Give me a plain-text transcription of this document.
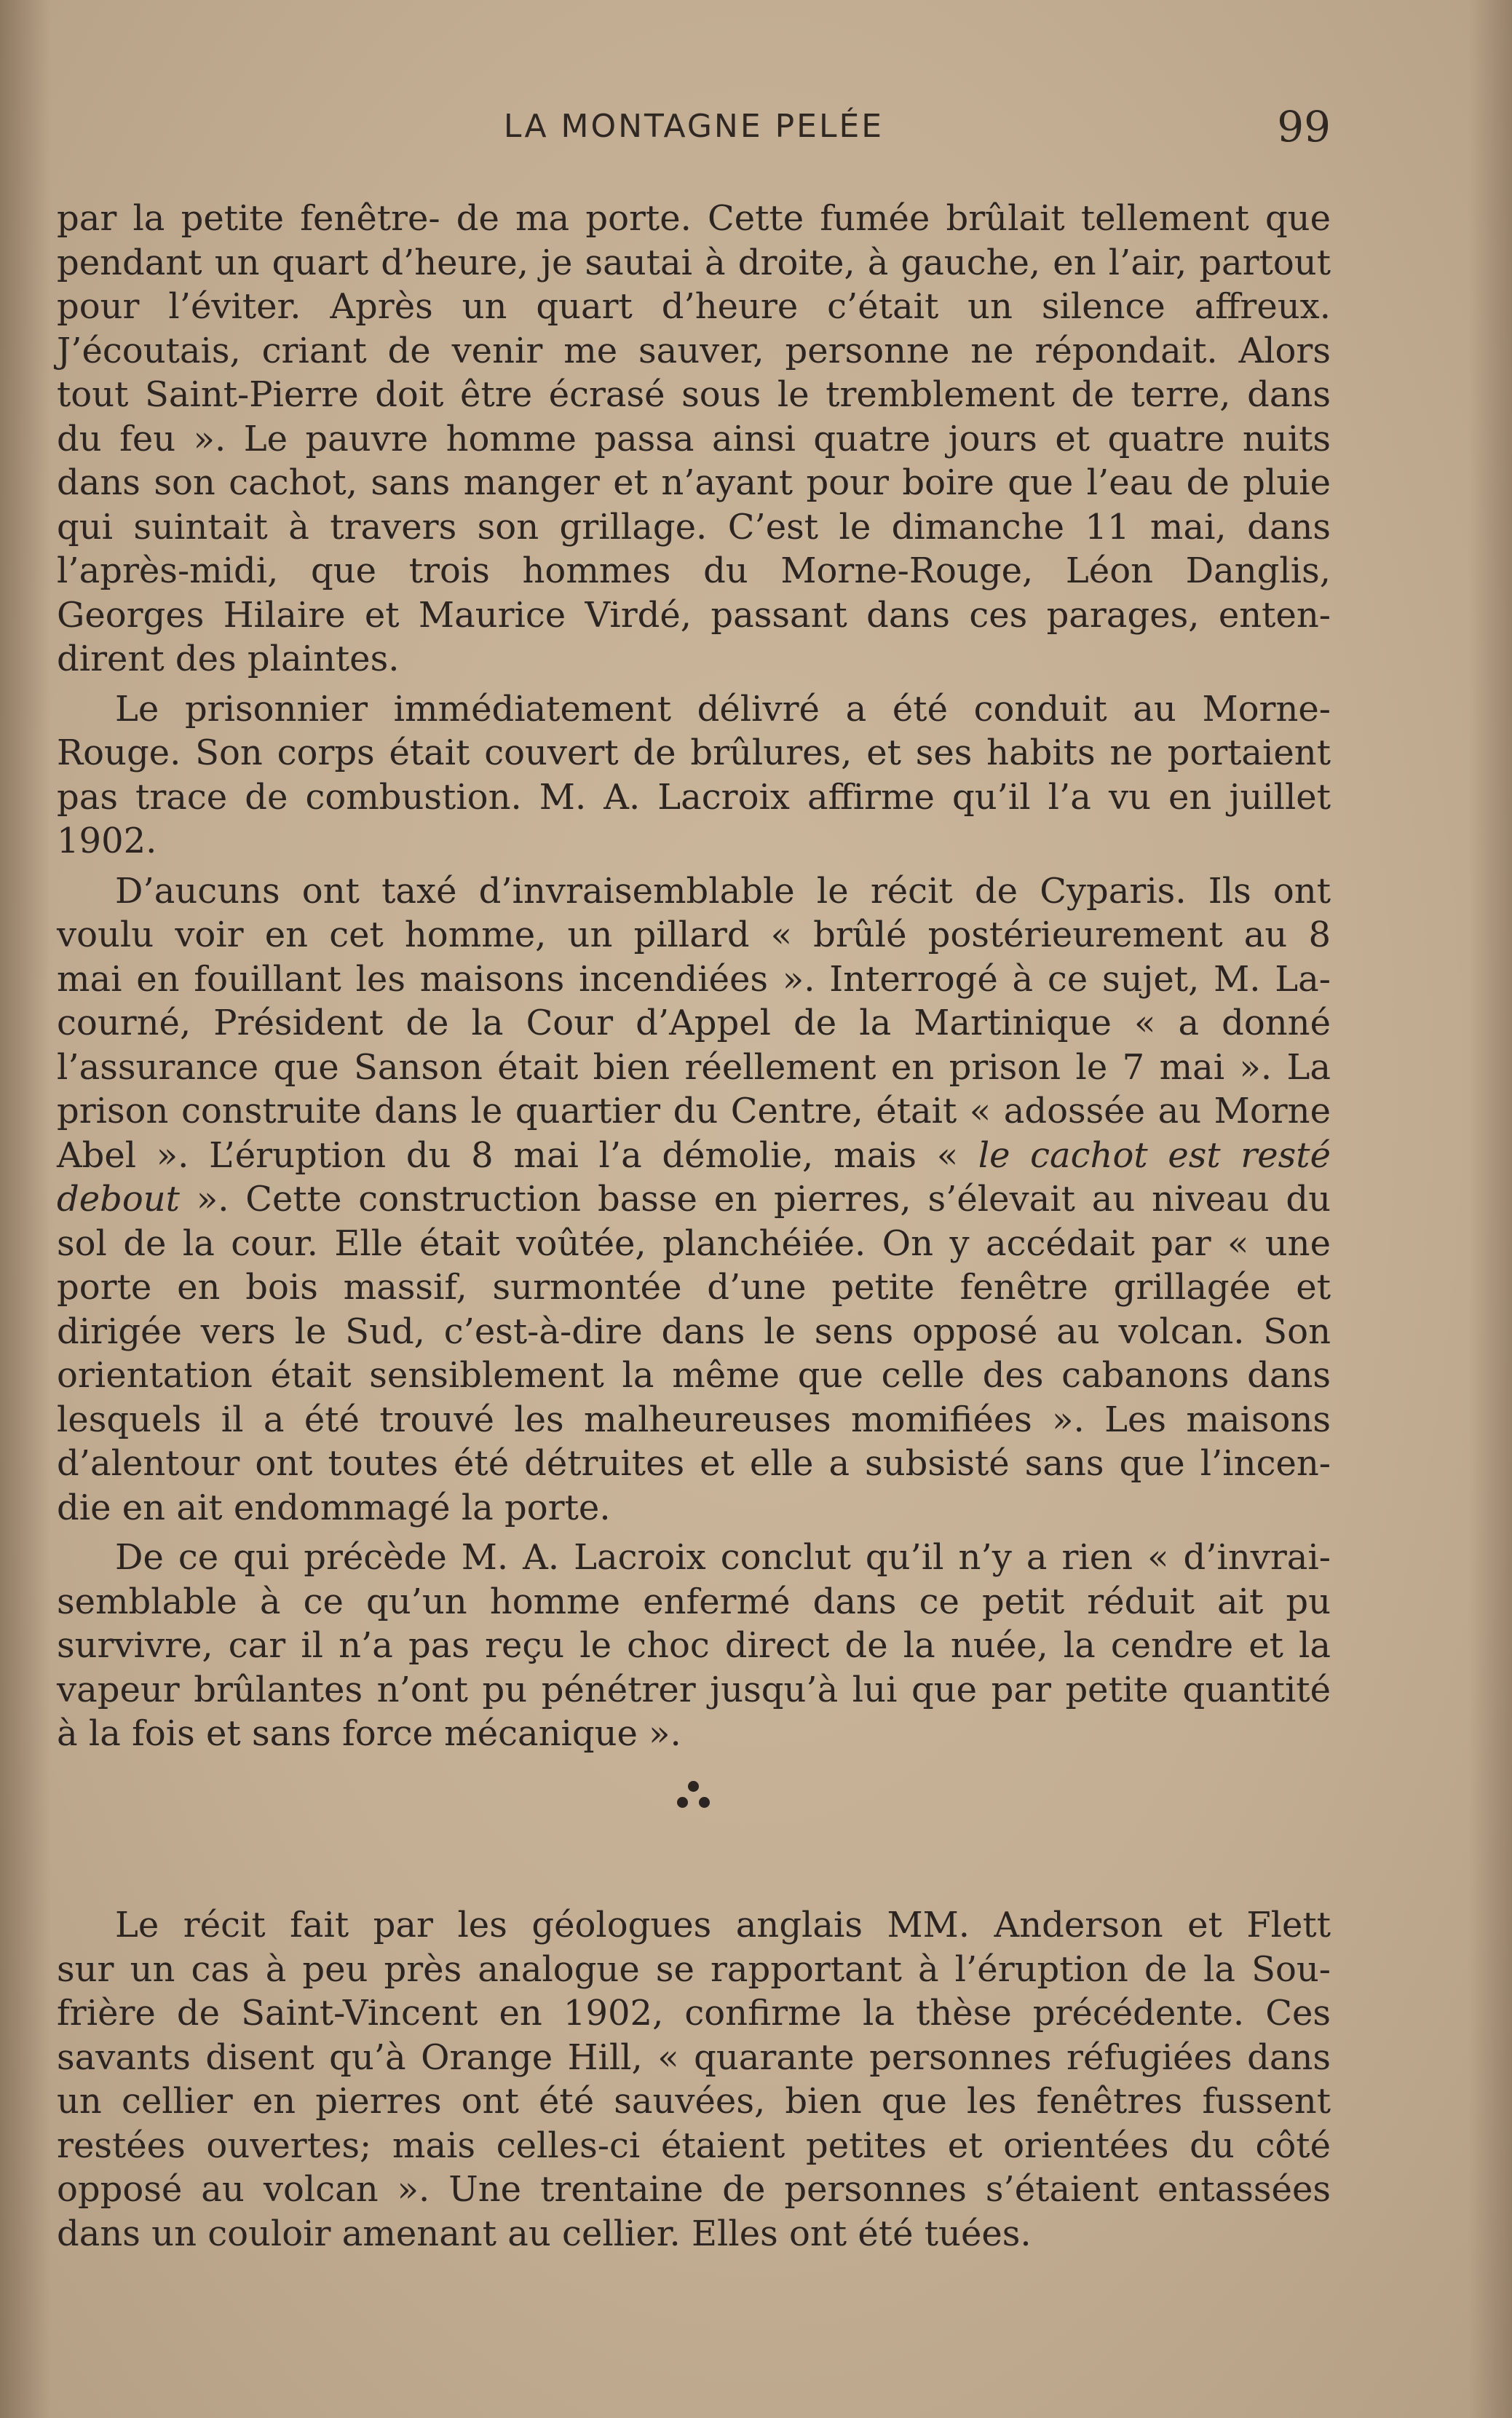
LA MONTAGNE PELÉE	99
par la petite fenêtre- de ma porte. Cette fumée brûlait tellement que
pendant un quart d’heure, je sautai à droite, à gauche, en l’air, partout
pour l’éviter. Après un quart d’heure c’était un silence affreux.
J’écoutais, criant de venir me sauver, personne ne répondait. Alors
tout Saint-Pierre doit être écrasé sous le tremblement de terre, dans
du feu ». Le pauvre homme passa ainsi quatre jours et quatre nuits
dans son cachot, sans manger et n’ayant pour boire que l’eau de pluie
qui suintait à travers son grillage. C’est le dimanche 11 mai, dans
l’après-midi, que trois hommes du Morne-Rouge, Léon Danglis,
Georges Hilaire et Maurice Virdé, passant dans ces parages, enten-
dirent des plaintes.
Le prisonnier immédiatement délivré a été conduit au Morne-
Rouge. Son corps était couvert de brûlures, et ses habits ne portaient
pas trace de combustion. M. A. Lacroix affirme qu’il l’a vu en juillet
1902.
D’aucuns ont taxé d’invraisemblable le récit de Cyparis. Ils ont
voulu voir en cet homme, un pillard « brûlé postérieurement au 8
mai en fouillant les maisons incendiées ». Interrogé à ce sujet, M. La-
courné, Président de la Cour d’Appel de la Martinique « a donné
l’assurance que Sanson était bien réellement en prison le 7 mai ». La
prison construite dans le quartier du Centre, était « adossée au Morne
Abel ». L’éruption du 8 mai l’a démolie, mais « le cachot est resté
debout ». Cette construction basse en pierres, s’élevait au niveau du
sol de la cour. Elle était voûtée, planchéiée. On y accédait par « une
porte en bois massif, surmontée d’une petite fenêtre grillagée et
dirigée vers le Sud, c’est-à-dire dans le sens opposé au volcan. Son
orientation était sensiblement la même que celle des cabanons dans
lesquels il a été trouvé les malheureuses momifiées ». Les maisons
d’alentour ont toutes été détruites et elle a subsisté sans que l’incen-
die en ait endommagé la porte.
De ce qui précède M. A. Lacroix conclut qu’il n’y a rien « d’invrai-
semblable à ce qu’un homme enfermé dans ce petit réduit ait pu
survivre, car il n’a pas reçu le choc direct de la nuée, la cendre et la
vapeur brûlantes n’ont pu pénétrer jusqu’à lui que par petite quantité
à la fois et sans force mécanique ».
Le récit fait par les géologues anglais MM. Anderson et Flett
sur un cas à peu près analogue se rapportant à l’éruption de la Sou-
frière de Saint-Vincent en 1902, confirme la thèse précédente. Ces
savants disent qu’à Orange Hill, « quarante personnes réfugiées dans
un cellier en pierres ont été sauvées, bien que les fenêtres fussent
restées ouvertes; mais celles-ci étaient petites et orientées du côté
opposé au volcan ». Une trentaine de personnes s’étaient entassées
dans un couloir amenant au cellier. Elles ont été tuées.
